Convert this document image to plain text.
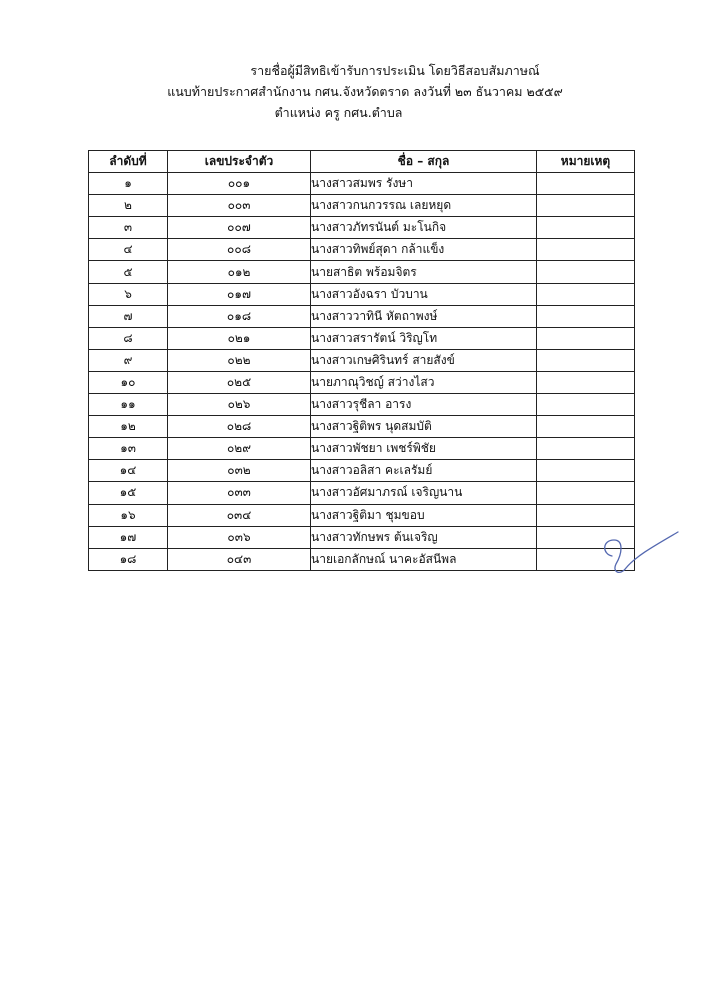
รายชื่อผู้มีสิทธิเข้ารับการประเมิน โดยวิธีสอบสัมภาษณ์
แนบท้ายประกาศสำนักงาน กศน.จังหวัดตราด ลงวันที่ ๒๓ ธันวาคม ๒๕๕๙
ตำแหน่ง ครู กศน.ตำบล
ลำดับที่	เลขประจำตัว	ชื่อ – สกุล	หมายเหตุ
๑	๐๐๑	นางสาวสมพร รังษา	
๒	๐๐๓	นางสาวกนกวรรณ เลยหยุด	
๓	๐๐๗	นางสาวภัทรนันต์ มะโนกิจ	
๔	๐๐๘	นางสาวทิพย์สุดา กล้าแข็ง	
๕	๐๑๒	นายสาธิต พร้อมจิตร	
๖	๐๑๗	นางสาวอังฉรา บัวบาน	
๗	๐๑๘	นางสาววาทินี หัตถาพงษ์	
๘	๐๒๑	นางสาวสรารัตน์ วิริญโท	
๙	๐๒๒	นางสาวเกษศิรินทร์ สายสังข์	
๑๐	๐๒๕	นายภาณุวิชญ์ สว่างไสว	
๑๑	๐๒๖	นางสาวรุชีลา อารง	
๑๒	๐๒๘	นางสาวฐิติพร นุดสมบัติ	
๑๓	๐๒๙	นางสาวพัชยา เพชร์พิชัย	
๑๔	๐๓๒	นางสาวอลิสา คะเลรัมย์	
๑๕	๐๓๓	นางสาวอัศมาภรณ์ เจริญนาน	
๑๖	๐๓๔	นางสาวฐิติมา ชุมขอบ	
๑๗	๐๓๖	นางสาวทักษพร ต้นเจริญ	
๑๘	๐๔๓	นายเอกลักษณ์ นาคะอัสนีพล	
